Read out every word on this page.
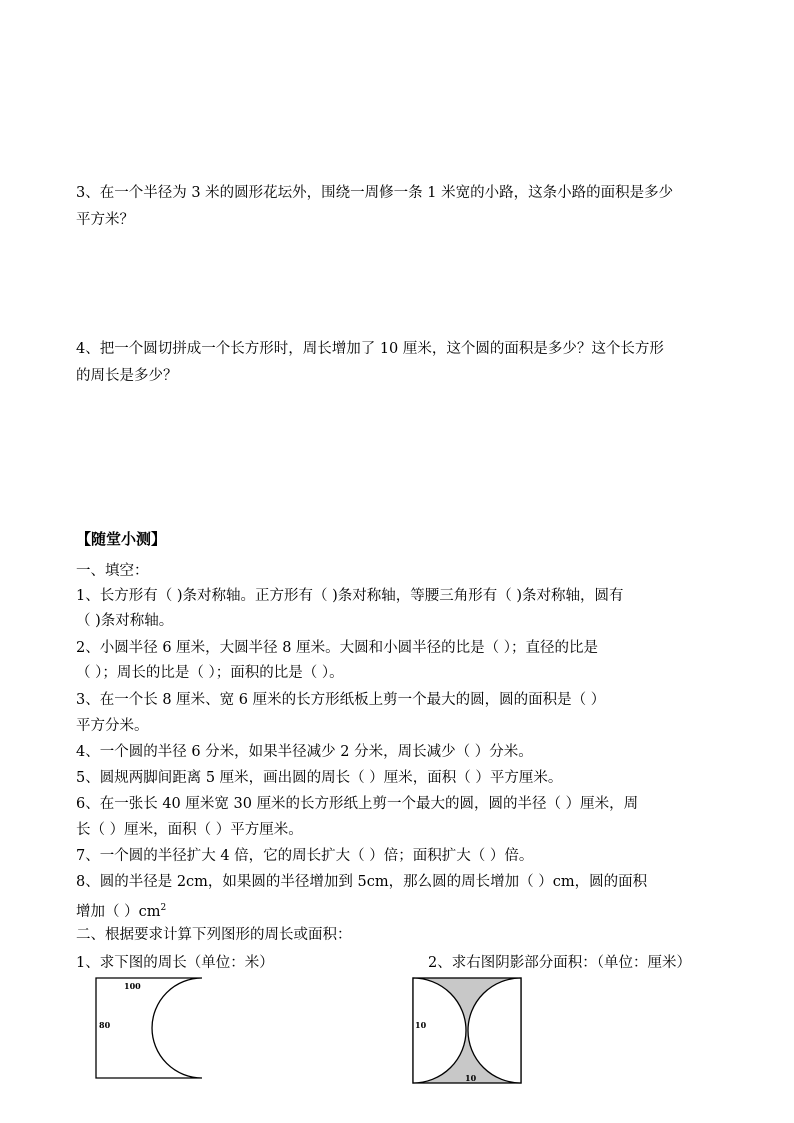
3、在一个半径为 3 米的圆形花坛外，围绕一周修一条 1 米宽的小路，这条小路的面积是多少
平方米？
4、把一个圆切拼成一个长方形时，周长增加了 10 厘米，这个圆的面积是多少？这个长方形
的周长是多少？
【随堂小测】
一、填空：
1、长方形有（ )条对称轴。正方形有（ )条对称轴，等腰三角形有（ )条对称轴，圆有
（ )条对称轴。
2、小圆半径 6 厘米，大圆半径 8 厘米。大圆和小圆半径的比是（ ）；直径的比是
（ ）；周长的比是（ ）；面积的比是（ ）。
3、在一个长 8 厘米、宽 6 厘米的长方形纸板上剪一个最大的圆，圆的面积是（ ）
平方分米。
4、一个圆的半径 6 分米，如果半径减少 2 分米，周长减少（ ）分米。
5、圆规两脚间距离 5 厘米，画出圆的周长（ ）厘米，面积（ ）平方厘米。
6、在一张长 40 厘米宽 30 厘米的长方形纸上剪一个最大的圆，圆的半径（ ）厘米，周
长（ ）厘米，面积（ ）平方厘米。
7、一个圆的半径扩大 4 倍，它的周长扩大（ ）倍；面积扩大（ ）倍。
8、圆的半径是 2cm，如果圆的半径增加到 5cm，那么圆的周长增加（ ）cm，圆的面积
增加（ ）$cm^2$
二、根据要求计算下列图形的周长或面积：
1、求下图的周长（单位：米）	2、求右图阴影部分面积：（单位：厘米）
100
80	10
10
